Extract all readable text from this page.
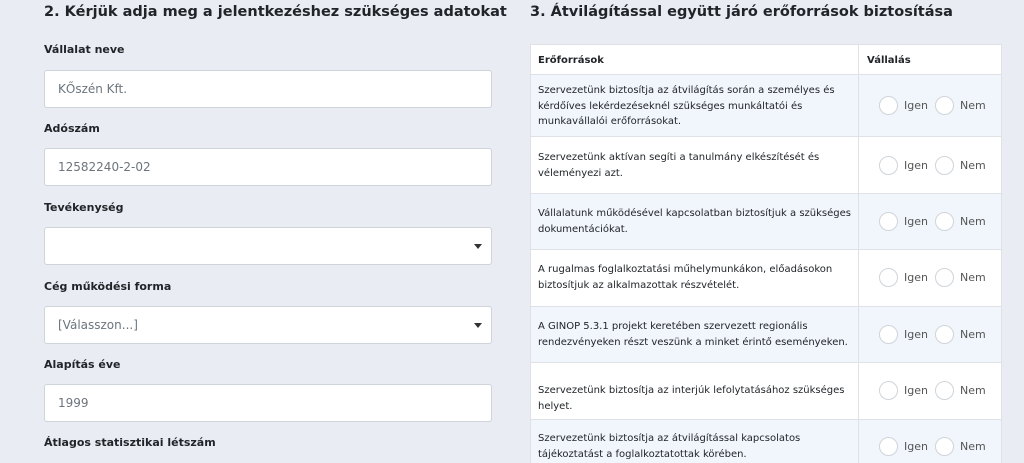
2. Kérjük adja meg a jelentkezéshez szükséges adatokat
Vállalat neve
KŐszén Kft.
Adószám
12582240-2-02
Tevékenység
Cég működési forma
[Válasszon...]
Alapítás éve
1999
Átlagos statisztikai létszám
3. Átvilágítással együtt járó erőforrások biztosítása
Erőforrások	Vállalás
Szervezetünk biztosítja az átvilágítás során a személyes és kérdőíves lekérdezéseknél szükséges munkáltatói és munkavállalói erőforrásokat.
Igen	Nem
Szervezetünk aktívan segíti a tanulmány elkészítését és véleményezi azt.
Igen	Nem
Vállalatunk működésével kapcsolatban biztosítjuk a szükséges dokumentációkat.
Igen	Nem
A rugalmas foglalkoztatási műhelymunkákon, előadásokon biztosítjuk az alkalmazottak részvételét.
Igen	Nem
A GINOP 5.3.1 projekt keretében szervezett regionális rendezvényeken részt veszünk a minket érintő eseményeken.
Igen	Nem
Szervezetünk biztosítja az interjúk lefolytatásához szükséges helyet.
Igen	Nem
Szervezetünk biztosítja az átvilágítással kapcsolatos tájékoztatást a foglalkoztatottak körében.
Igen	Nem
